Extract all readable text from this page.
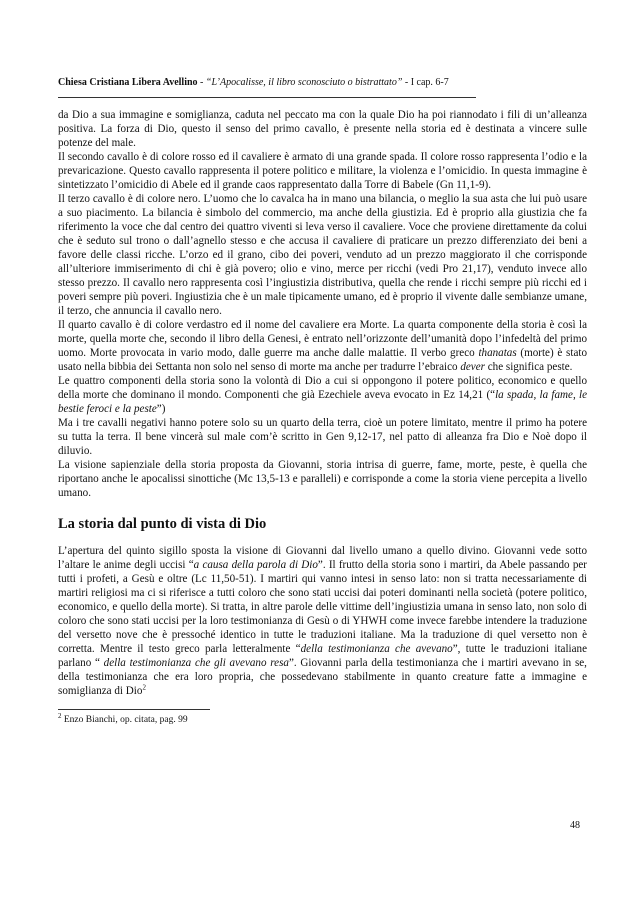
Chiesa Cristiana Libera Avellino - “L’Apocalisse, il libro sconosciuto o bistrattato” - I cap. 6-7

da Dio a sua immagine e somiglianza, caduta nel peccato ma con la quale Dio ha poi riannodato i fili di un’alleanza positiva. La forza di Dio, questo il senso del primo cavallo, è presente nella storia ed è destinata a vincere sulle potenze del male.

Il secondo cavallo è di colore rosso ed il cavaliere è armato di una grande spada. Il colore rosso rappresenta l’odio e la prevaricazione. Questo cavallo rappresenta il potere politico e militare, la violenza e l’omicidio. In questa immagine è sintetizzato l’omicidio di Abele ed il grande caos rappresentato dalla Torre di Babele (Gn 11,1-9).

Il terzo cavallo è di colore nero. L’uomo che lo cavalca ha in mano una bilancia, o meglio la sua asta che lui può usare a suo piacimento. La bilancia è simbolo del commercio, ma anche della giustizia. Ed è proprio alla giustizia che fa riferimento la voce che dal centro dei quattro viventi si leva verso il cavaliere. Voce che proviene direttamente da colui che è seduto sul trono o dall’agnello stesso e che accusa il cavaliere di praticare un prezzo differenziato dei beni a favore delle classi ricche. L’orzo ed il grano, cibo dei poveri, venduto ad un prezzo maggiorato il che corrisponde all’ulteriore immiserimento di chi è già povero; olio e vino, merce per ricchi (vedi Pro 21,17), venduto invece allo stesso prezzo. Il cavallo nero rappresenta così l’ingiustizia distributiva, quella che rende i ricchi sempre più ricchi ed i poveri sempre più poveri. Ingiustizia che è un male tipicamente umano, ed è proprio il vivente dalle sembianze umane, il terzo, che annuncia il cavallo nero.

Il quarto cavallo è di colore verdastro ed il nome del cavaliere era Morte. La quarta componente della storia è così la morte, quella morte che, secondo il libro della Genesi, è entrato nell’orizzonte dell’umanità dopo l’infedeltà del primo uomo. Morte provocata in vario modo, dalle guerre ma anche dalle malattie. Il verbo greco thanatas (morte) è stato usato nella bibbia dei Settanta non solo nel senso di morte ma anche per tradurre l’ebraico dever che significa peste.

Le quattro componenti della storia sono la volontà di Dio a cui si oppongono il potere politico, economico e quello della morte che dominano il mondo. Componenti che già Ezechiele aveva evocato in Ez 14,21 (“la spada, la fame, le bestie feroci e la peste”)

Ma i tre cavalli negativi hanno potere solo su un quarto della terra, cioè un potere limitato, mentre il primo ha potere su tutta la terra. Il bene vincerà sul male com’è scritto in Gen 9,12-17, nel patto di alleanza fra Dio e Noè dopo il diluvio.

La visione sapienziale della storia proposta da Giovanni, storia intrisa di guerre, fame, morte, peste, è quella che riportano anche le apocalissi sinottiche (Mc 13,5-13 e paralleli) e corrisponde a come la storia viene percepita a livello umano.

La storia dal punto di vista di Dio

L’apertura del quinto sigillo sposta la visione di Giovanni dal livello umano a quello divino. Giovanni vede sotto l’altare le anime degli uccisi “a causa della parola di Dio”. Il frutto della storia sono i martiri, da Abele passando per tutti i profeti, a Gesù e oltre (Lc 11,50-51). I martiri qui vanno intesi in senso lato: non si tratta necessariamente di martiri religiosi ma ci si riferisce a tutti coloro che sono stati uccisi dai poteri dominanti nella società (potere politico, economico, e quello della morte). Si tratta, in altre parole delle vittime dell’ingiustizia umana in senso lato, non solo di coloro che sono stati uccisi per la loro testimonianza di Gesù o di YHWH come invece farebbe intendere la traduzione del versetto nove che è pressoché identico in tutte le traduzioni italiane. Ma la traduzione di quel versetto non è corretta. Mentre il testo greco parla letteralmente “della testimonianza che avevano”, tutte le traduzioni italiane parlano “ della testimonianza che gli avevano resa”. Giovanni parla della testimonianza che i martiri avevano in se, della testimonianza che era loro propria, che possedevano stabilmente in quanto creature fatte a immagine e somiglianza di Dio$^2$

$^2$ Enzo Bianchi, op. citata, pag. 99
48
